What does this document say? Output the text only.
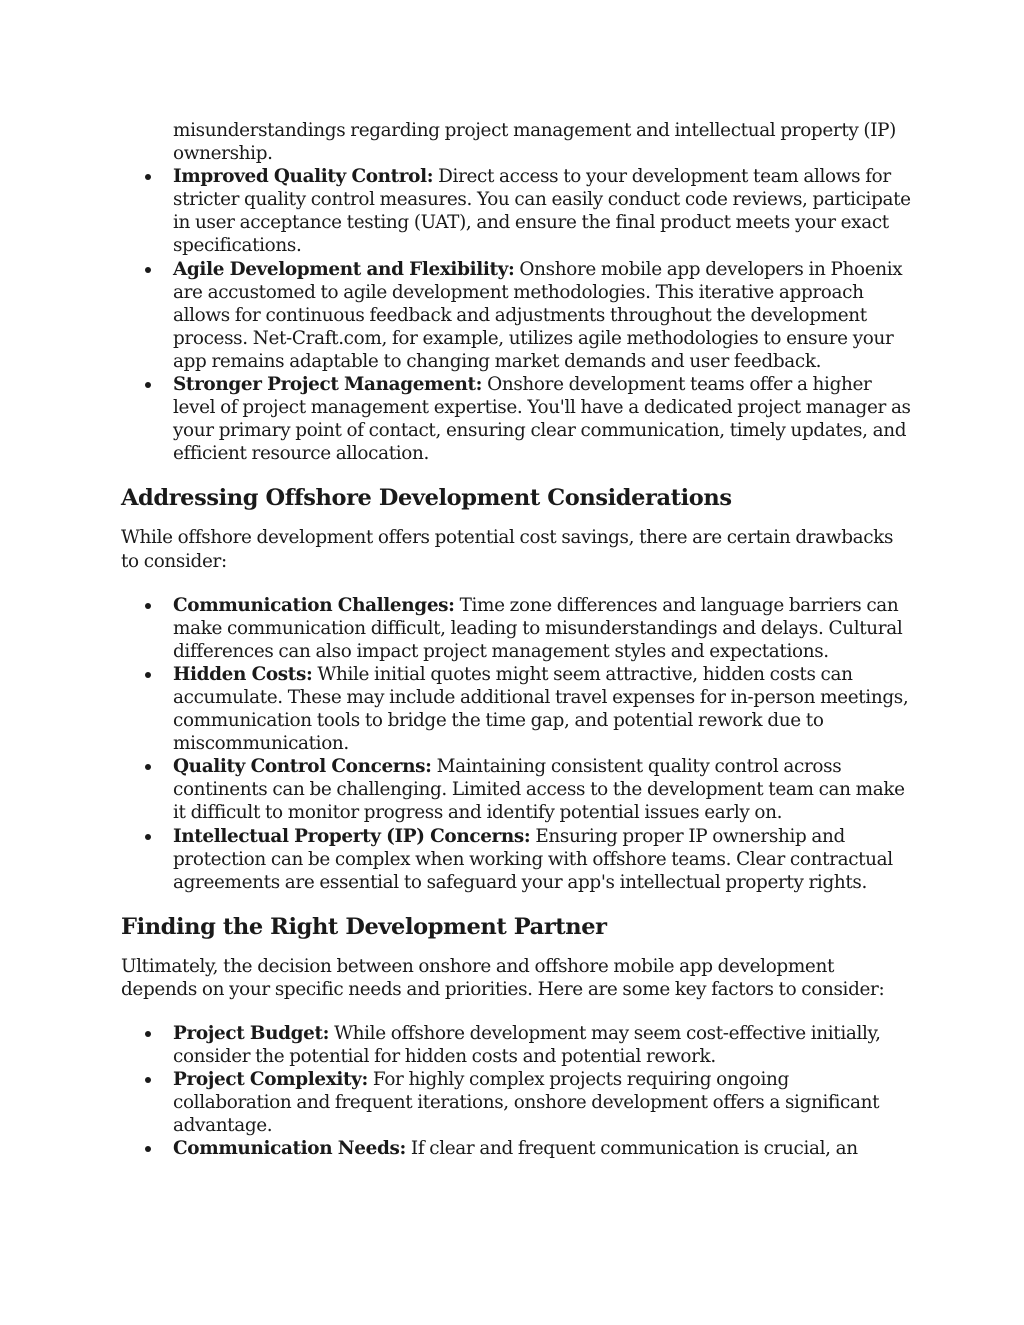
misunderstandings regarding project management and intellectual property (IP) ownership.
Improved Quality Control: Direct access to your development team allows for stricter quality control measures. You can easily conduct code reviews, participate in user acceptance testing (UAT), and ensure the final product meets your exact specifications.
Agile Development and Flexibility: Onshore mobile app developers in Phoenix are accustomed to agile development methodologies. This iterative approach allows for continuous feedback and adjustments throughout the development process. Net-Craft.com, for example, utilizes agile methodologies to ensure your app remains adaptable to changing market demands and user feedback.
Stronger Project Management: Onshore development teams offer a higher level of project management expertise. You'll have a dedicated project manager as your primary point of contact, ensuring clear communication, timely updates, and efficient resource allocation.
Addressing Offshore Development Considerations

While offshore development offers potential cost savings, there are certain drawbacks to consider:

Communication Challenges: Time zone differences and language barriers can make communication difficult, leading to misunderstandings and delays. Cultural differences can also impact project management styles and expectations.
Hidden Costs: While initial quotes might seem attractive, hidden costs can accumulate. These may include additional travel expenses for in-person meetings, communication tools to bridge the time gap, and potential rework due to miscommunication.
Quality Control Concerns: Maintaining consistent quality control across continents can be challenging. Limited access to the development team can make it difficult to monitor progress and identify potential issues early on.
Intellectual Property (IP) Concerns: Ensuring proper IP ownership and protection can be complex when working with offshore teams. Clear contractual agreements are essential to safeguard your app's intellectual property rights.
Finding the Right Development Partner

Ultimately, the decision between onshore and offshore mobile app development depends on your specific needs and priorities. Here are some key factors to consider:

Project Budget: While offshore development may seem cost-effective initially, consider the potential for hidden costs and potential rework.
Project Complexity: For highly complex projects requiring ongoing collaboration and frequent iterations, onshore development offers a significant advantage.
Communication Needs: If clear and frequent communication is crucial, an
